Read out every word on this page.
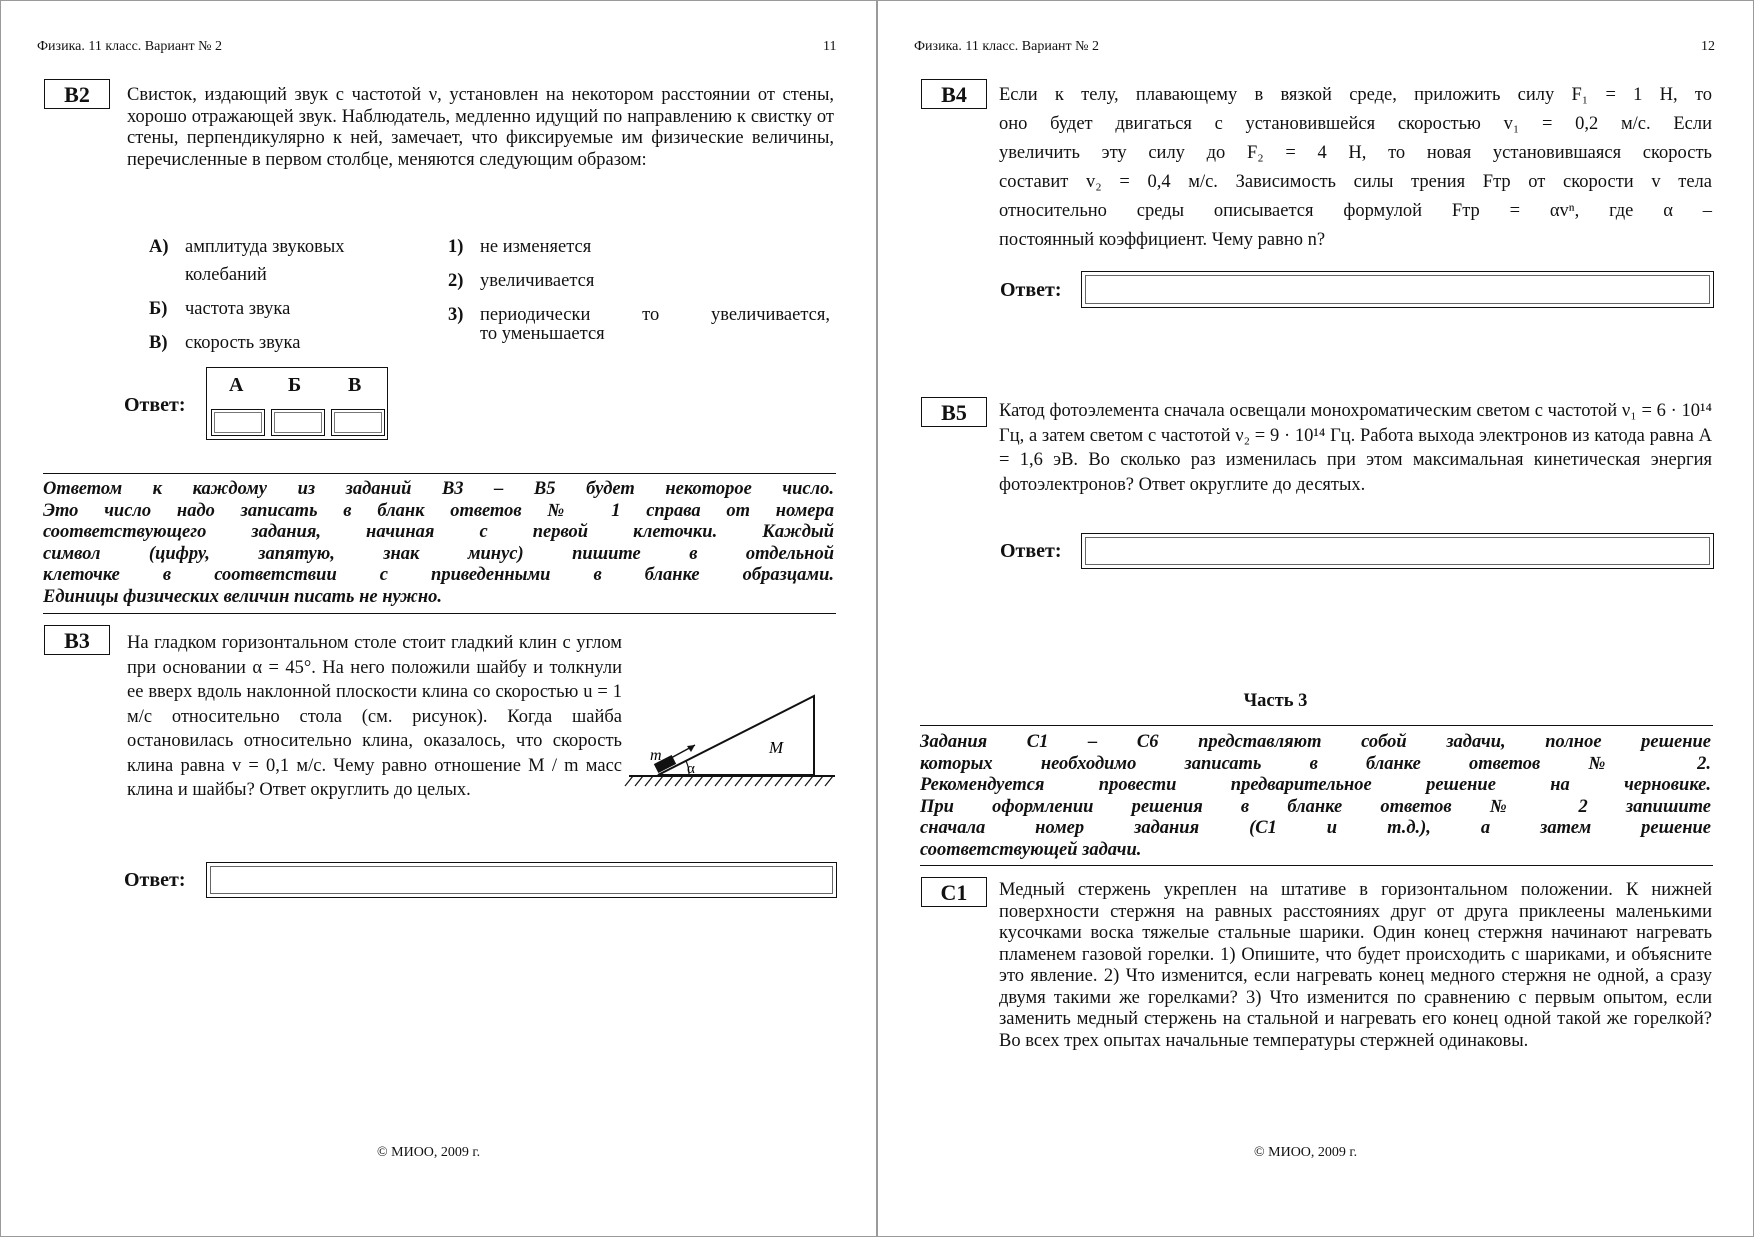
Физика. 11 класс. Вариант № 2	11
B2	Свисток, издающий звук с частотой ν, установлен на некотором расстоянии от стены, хорошо отражающей звук. Наблюдатель, медленно идущий по направлению к свистку от стены, перпендикулярно к ней, замечает, что фиксируемые им физические величины, перечисленные в первом столбце, меняются следующим образом:
А) амплитуда звуковых
колебаний
Б) частота звука
В) скорость звука
1) не изменяется
2) увеличивается
3) периодически то увеличивается,
то уменьшается
Ответ:
А Б В
Ответом к каждому из заданий В3 – В5 будет некоторое число.
Это число надо записать в бланк ответов № 1 справа от номера
соответствующего задания, начиная с первой клеточки. Каждый
символ (цифру, запятую, знак минус) пишите в отдельной
клеточке в соответствии с приведенными в бланке образцами.
Единицы физических величин писать не нужно.
B3	На гладком горизонтальном столе стоит гладкий клин с углом при основании α = 45°. На него положили шайбу и толкнули ее вверх вдоль наклонной плоскости клина со скоростью u = 1 м/с относительно стола (см. рисунок). Когда шайба остановилась относительно клина, оказалось, что скорость клина равна v = 0,1 м/с. Чему равно отношение M / m масс клина и шайбы? Ответ округлить до целых.
m	M
α
Ответ:
© МИОО, 2009 г.
Физика. 11 класс. Вариант № 2	12
B4	Если к телу, плавающему в вязкой среде, приложить силу F₁ = 1 Н, то
оно будет двигаться с установившейся скоростью v₁ = 0,2 м/с. Если
увеличить эту силу до F₂ = 4 Н, то новая установившаяся скорость
составит v₂ = 0,4 м/с. Зависимость силы трения Fтр от скорости v тела
относительно среды описывается формулой Fтр = αvⁿ, где α –
постоянный коэффициент. Чему равно n?
Ответ:
B5	Катод фотоэлемента сначала освещали монохроматическим светом с частотой ν₁ = 6 · 10¹⁴ Гц, а затем светом с частотой ν₂ = 9 · 10¹⁴ Гц. Работа выхода электронов из катода равна A = 1,6 эВ. Во сколько раз изменилась при этом максимальная кинетическая энергия фотоэлектронов? Ответ округлите до десятых.
Ответ:
Часть 3
Задания С1 – С6 представляют собой задачи, полное решение
которых необходимо записать в бланке ответов № 2.
Рекомендуется провести предварительное решение на черновике.
При оформлении решения в бланке ответов № 2 запишите
сначала номер задания (С1 и т.д.), а затем решение
соответствующей задачи.
С1	Медный стержень укреплен на штативе в горизонтальном положении. К нижней поверхности стержня на равных расстояниях друг от друга приклеены маленькими кусочками воска тяжелые стальные шарики. Один конец стержня начинают нагревать пламенем газовой горелки. 1) Опишите, что будет происходить с шариками, и объясните это явление. 2) Что изменится, если нагревать конец медного стержня не одной, а сразу двумя такими же горелками? 3) Что изменится по сравнению с первым опытом, если заменить медный стержень на стальной и нагревать его конец одной такой же горелкой? Во всех трех опытах начальные температуры стержней одинаковы.
© МИОО, 2009 г.
